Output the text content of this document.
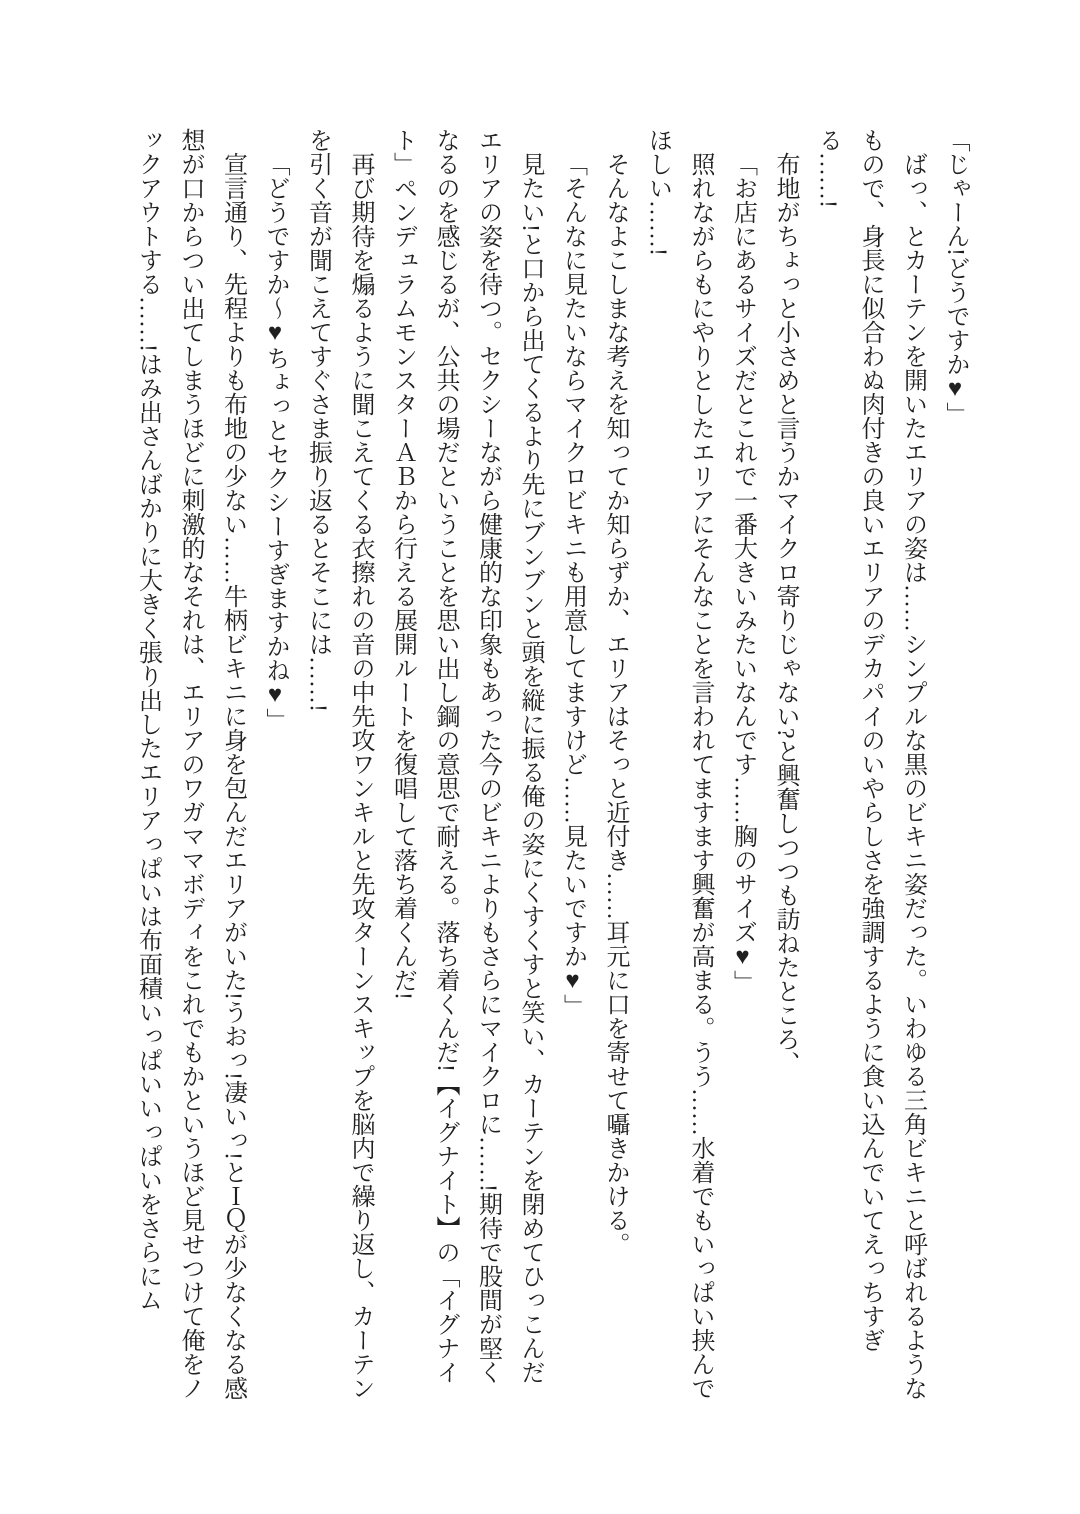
「じゃーん!どうですか♥」

ばっ、とカーテンを開いたエリアの姿は……シンプルな黒のビキニ姿だった。いわゆる三角ビキニと呼ばれるようなもので、身長に似合わぬ肉付きの良いエリアのデカパイのいやらしさを強調するように食い込んでいてえっちすぎる……!

布地がちょっと小さめと言うかマイクロ寄りじゃない?と興奮しつつも訪ねたところ、

「お店にあるサイズだとこれで一番大きいみたいなんです……胸のサイズ♥」

照れながらもにやりとしたエリアにそんなことを言われてますます興奮が高まる。うう……水着でもいっぱい挟んでほしい……!

そんなよこしまな考えを知ってか知らずか、エリアはそっと近付き……耳元に口を寄せて囁きかける。

「そんなに見たいならマイクロビキニも用意してますけど……見たいですか♥」

見たい!と口から出てくるより先にブンブンと頭を縦に振る俺の姿にくすくすと笑い、カーテンを閉めてひっこんだエリアの姿を待つ。セクシーながら健康的な印象もあった今のビキニよりもさらにマイクロに……!期待で股間が堅くなるのを感じるが、公共の場だということを思い出し鋼の意思で耐える。落ち着くんだ!【イグナイト】の「イグナイト」ペンデュラムモンスターＡＢから行える展開ルートを復唱して落ち着くんだ!

再び期待を煽るように聞こえてくる衣擦れの音の中先攻ワンキルと先攻ターンスキップを脳内で繰り返し、カーテンを引く音が聞こえてすぐさま振り返るとそこには……!

「どうですか〜♥ちょっとセクシーすぎますかね♥」

宣言通り、先程よりも布地の少ない……牛柄ビキニに身を包んだエリアがいた!うおっ!凄いっ!とＩＱが少なくなる感想が口からつい出てしまうほどに刺激的なそれは、エリアのワガママボディをこれでもかというほど見せつけて俺をノックアウトする……!はみ出さんばかりに大きく張り出したエリアっぱいは布面積いっぱいいっぱいをさらにム
